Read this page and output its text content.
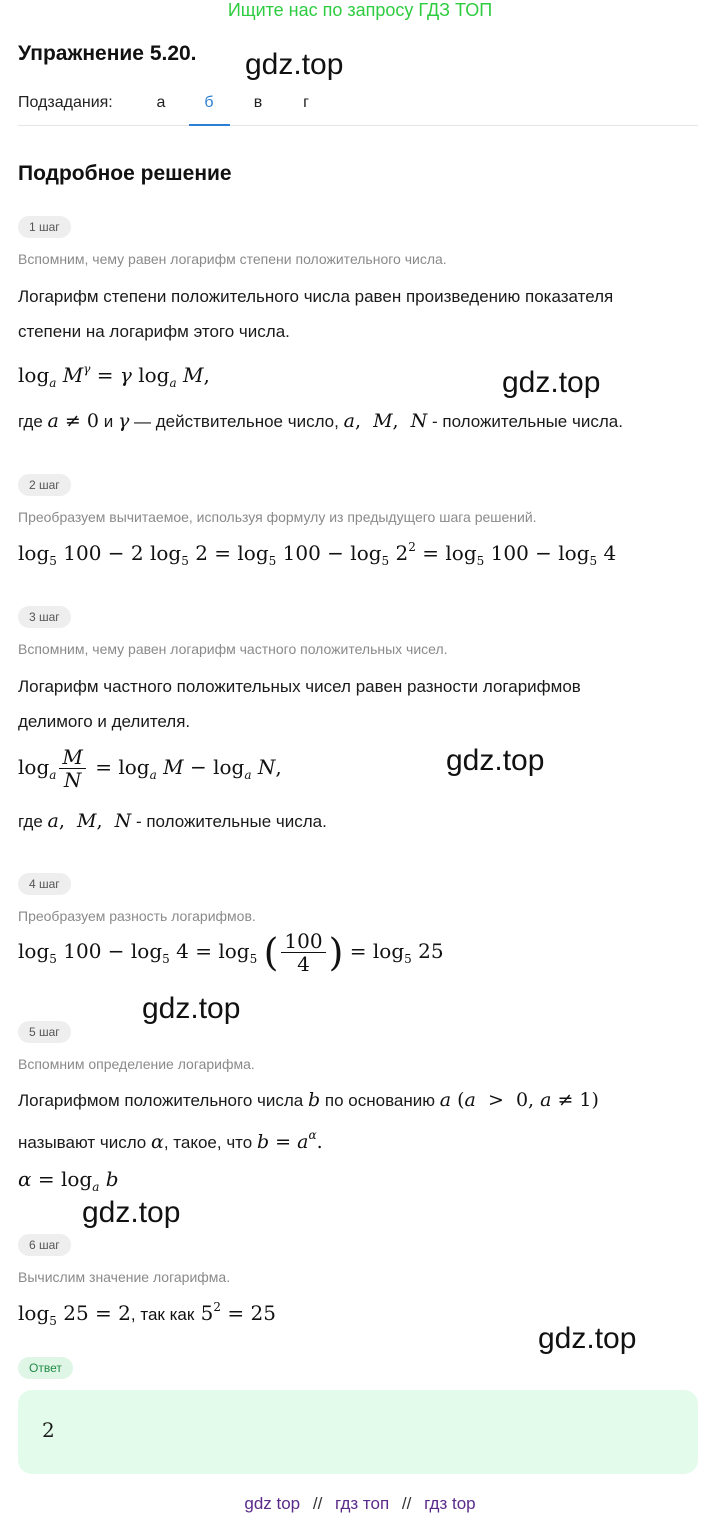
Ищите нас по запросу ГДЗ ТОП
Упражнение 5.20. gdz.top
Подзадания:	а	б	в	г
Подробное решение
1 шаг
Вспомним, чему равен логарифм степени положительного числа.
Логарифм степени положительного числа равен произведению показателя
степени на логарифм этого числа.
$\log_a M^\gamma = \gamma$ $\log_a M$,	gdz.top
где a ≠ 0 и γ — действительное число, a,  M,  N - положительные числа.
2 шаг
Преобразуем вычитаемое, используя формулу из предыдущего шага решений.
$\log_5 100 - 2$ $\log_5 2 = \log_5 100 - \log_5 2^2 = \log_5 100 - \log_5 4$
3 шаг
Вспомним, чему равен логарифм частного положительных чисел.
Логарифм частного положительных чисел равен разности логарифмов
делимого и делителя.
$\log_a \frac{M}{N} = \log_a M - \log_a N$,	gdz.top
где a,  M,  N - положительные числа.
4 шаг
Преобразуем разность логарифмов.
$\log_5 100 - \log_5 4 = \log_5$ ( $\frac{100}{4}$ ) = $\log_5 25$
gdz.top
5 шаг
Вспомним определение логарифма.
Логарифмом положительного числа b по основанию a (a  >  0, a ≠ 1)
называют число α, такое, что $b = a^\alpha$.
$\alpha = \log_a b$
gdz.top
6 шаг
Вычислим значение логарифма.
$\log_5 25 = 2$, так как $5^2 = 25$
gdz.top
Ответ
2
gdz top // гдз топ // гдз top
